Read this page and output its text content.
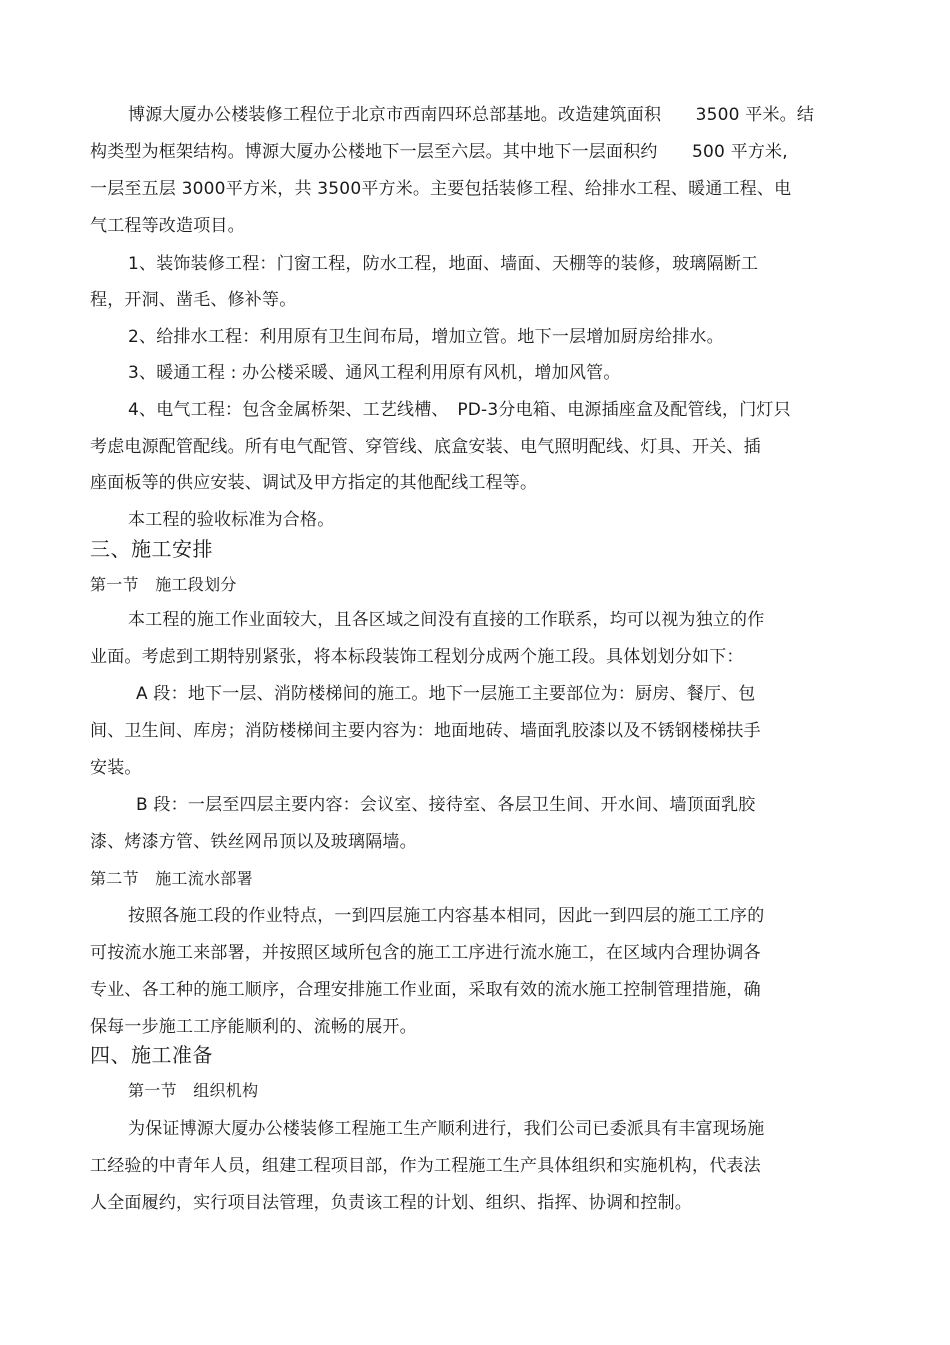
博源大厦办公楼装修工程位于北京市西南四环总部基地。改造建筑面积　　3500 平米。结
构类型为框架结构。博源大厦办公楼地下一层至六层。其中地下一层面积约　　500 平方米,
一层至五层 3000平方米，共 3500平方米。主要包括装修工程、给排水工程、暖通工程、电
气工程等改造项目。
1、装饰装修工程：门窗工程，防水工程，地面、墙面、天棚等的装修，玻璃隔断工
程，开洞、凿毛、修补等。
2、给排水工程：利用原有卫生间布局，增加立管。地下一层增加厨房给排水。
3、暖通工程 : 办公楼采暖、通风工程利用原有风机，增加风管。
4、电气工程：包含金属桥架、工艺线槽、　PD-3分电箱、电源插座盒及配管线，门灯只
考虑电源配管配线。所有电气配管、穿管线、底盒安装、电气照明配线、灯具、开关、插
座面板等的供应安装、调试及甲方指定的其他配线工程等。
本工程的验收标准为合格。
三、施工安排
第一节　施工段划分
本工程的施工作业面较大，且各区域之间没有直接的工作联系，均可以视为独立的作
业面。考虑到工期特别紧张，将本标段装饰工程划分成两个施工段。具体划划分如下：
A 段：地下一层、消防楼梯间的施工。地下一层施工主要部位为：厨房、餐厅、包
间、卫生间、库房；消防楼梯间主要内容为：地面地砖、墙面乳胶漆以及不锈钢楼梯扶手
安装。
B 段：一层至四层主要内容：会议室、接待室、各层卫生间、开水间、墙顶面乳胶
漆、烤漆方管、铁丝网吊顶以及玻璃隔墙。
第二节　施工流水部署
按照各施工段的作业特点，一到四层施工内容基本相同，因此一到四层的施工工序的
可按流水施工来部署，并按照区域所包含的施工工序进行流水施工，在区域内合理协调各
专业、各工种的施工顺序，合理安排施工作业面，采取有效的流水施工控制管理措施，确
保每一步施工工序能顺利的、流畅的展开。
四、施工准备
第一节　组织机构
为保证博源大厦办公楼装修工程施工生产顺利进行，我们公司已委派具有丰富现场施
工经验的中青年人员，组建工程项目部，作为工程施工生产具体组织和实施机构，代表法
人全面履约，实行项目法管理，负责该工程的计划、组织、指挥、协调和控制。
